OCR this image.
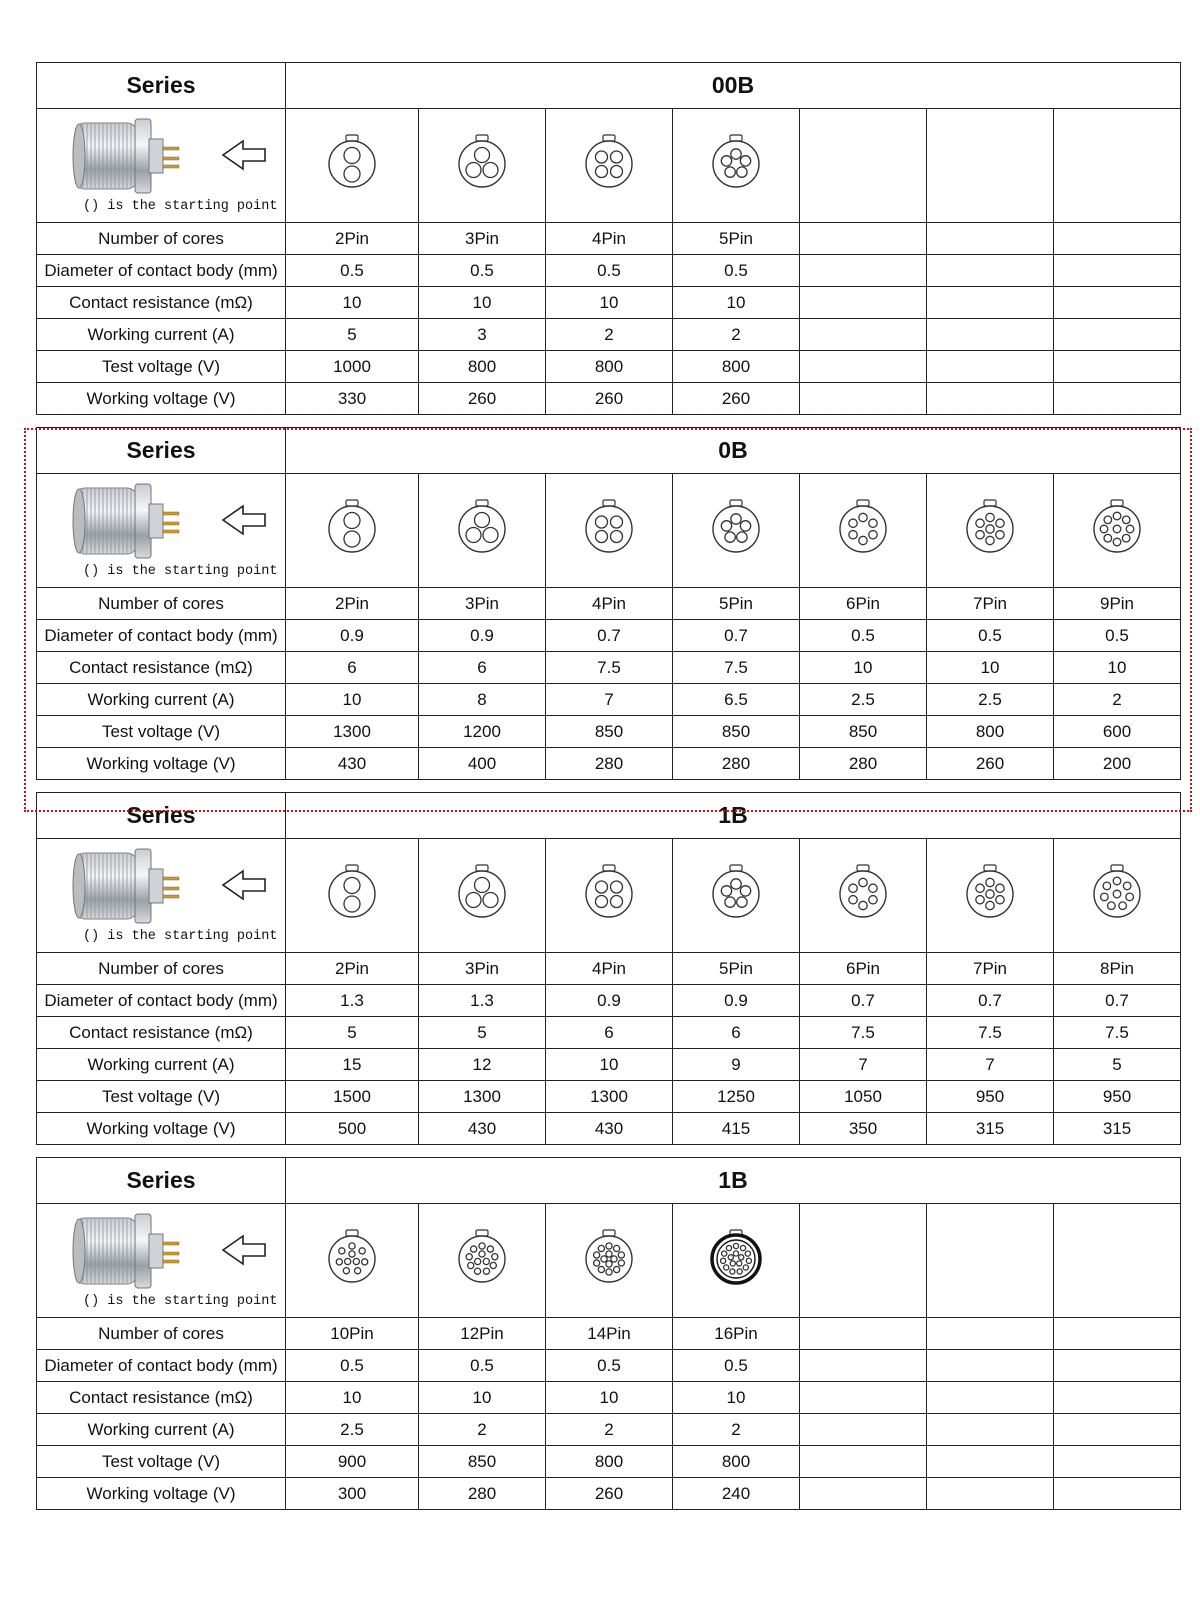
Series	00B						

() is the starting point

Number of cores	2Pin	3Pin	4Pin	5Pin			
Diameter of contact body (mm)	0.5	0.5	0.5	0.5			
Contact resistance (mΩ)	10	10	10	10			
Working current (A)	5	3	2	2			
Test voltage (V)	1000	800	800	800			
Working voltage (V)	330	260	260	260			
Series	0B						

() is the starting point

Number of cores	2Pin	3Pin	4Pin	5Pin	6Pin	7Pin	9Pin
Diameter of contact body (mm)	0.9	0.9	0.7	0.7	0.5	0.5	0.5
Contact resistance (mΩ)	6	6	7.5	7.5	10	10	10
Working current (A)	10	8	7	6.5	2.5	2.5	2
Test voltage (V)	1300	1200	850	850	850	800	600
Working voltage (V)	430	400	280	280	280	260	200
Series	1B						

() is the starting point

Number of cores	2Pin	3Pin	4Pin	5Pin	6Pin	7Pin	8Pin
Diameter of contact body (mm)	1.3	1.3	0.9	0.9	0.7	0.7	0.7
Contact resistance (mΩ)	5	5	6	6	7.5	7.5	7.5
Working current (A)	15	12	10	9	7	7	5
Test voltage (V)	1500	1300	1300	1250	1050	950	950
Working voltage (V)	500	430	430	415	350	315	315
Series	1B						

() is the starting point

Number of cores	10Pin	12Pin	14Pin	16Pin			
Diameter of contact body (mm)	0.5	0.5	0.5	0.5			
Contact resistance (mΩ)	10	10	10	10			
Working current (A)	2.5	2	2	2			
Test voltage (V)	900	850	800	800			
Working voltage (V)	300	280	260	240			
